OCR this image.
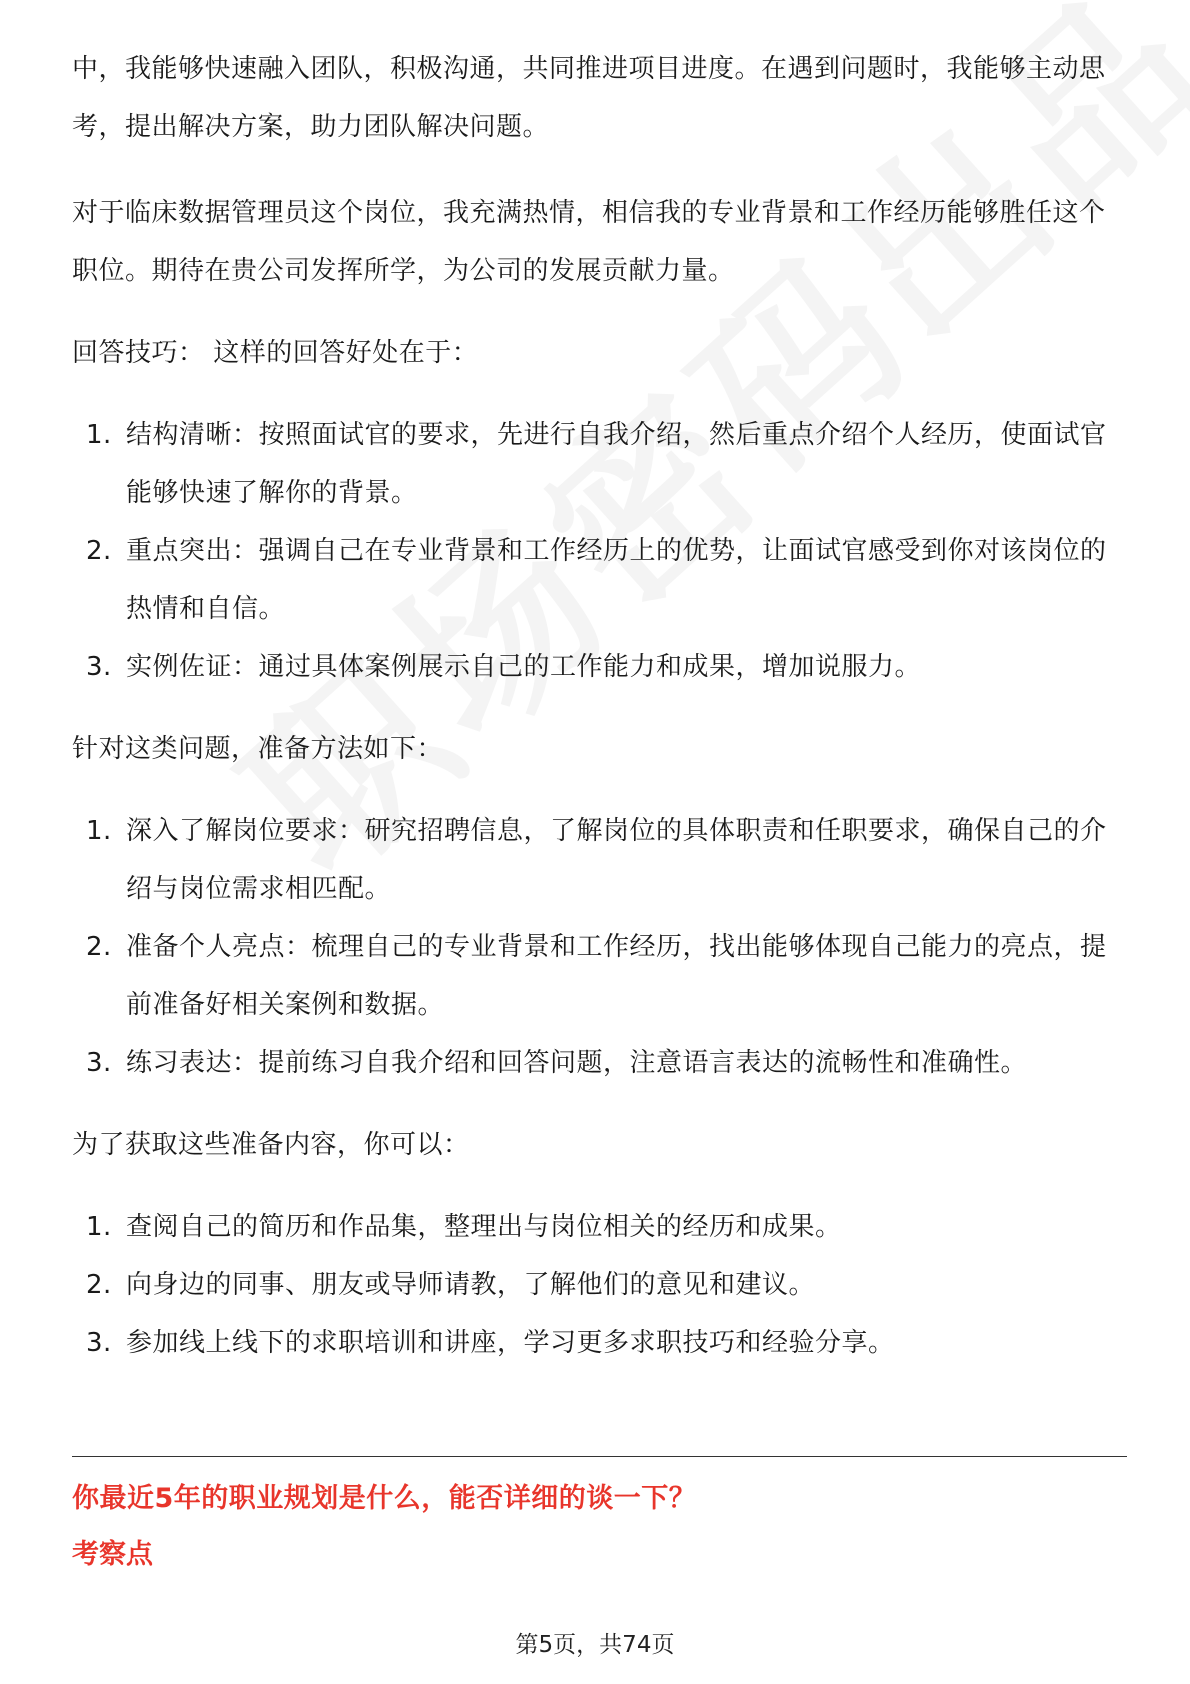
中，我能够快速融入团队，积极沟通，共同推进项目进度。在遇到问题时，我能够主动思考，提出解决方案，助力团队解决问题。

对于临床数据管理员这个岗位，我充满热情，相信我的专业背景和工作经历能够胜任这个职位。期待在贵公司发挥所学，为公司的发展贡献力量。

回答技巧： 这样的回答好处在于：

1. 结构清晰：按照面试官的要求，先进行自我介绍，然后重点介绍个人经历，使面试官能够快速了解你的背景。
2. 重点突出：强调自己在专业背景和工作经历上的优势，让面试官感受到你对该岗位的热情和自信。
3. 实例佐证：通过具体案例展示自己的工作能力和成果，增加说服力。

针对这类问题，准备方法如下：

1. 深入了解岗位要求：研究招聘信息，了解岗位的具体职责和任职要求，确保自己的介绍与岗位需求相匹配。
2. 准备个人亮点：梳理自己的专业背景和工作经历，找出能够体现自己能力的亮点，提前准备好相关案例和数据。
3. 练习表达：提前练习自我介绍和回答问题，注意语言表达的流畅性和准确性。

为了获取这些准备内容，你可以：

1. 查阅自己的简历和作品集，整理出与岗位相关的经历和成果。
2. 向身边的同事、朋友或导师请教，了解他们的意见和建议。
3. 参加线上线下的求职培训和讲座，学习更多求职技巧和经验分享。
你最近5年的职业规划是什么，能否详细的谈一下？
考察点
第5页，共74页
